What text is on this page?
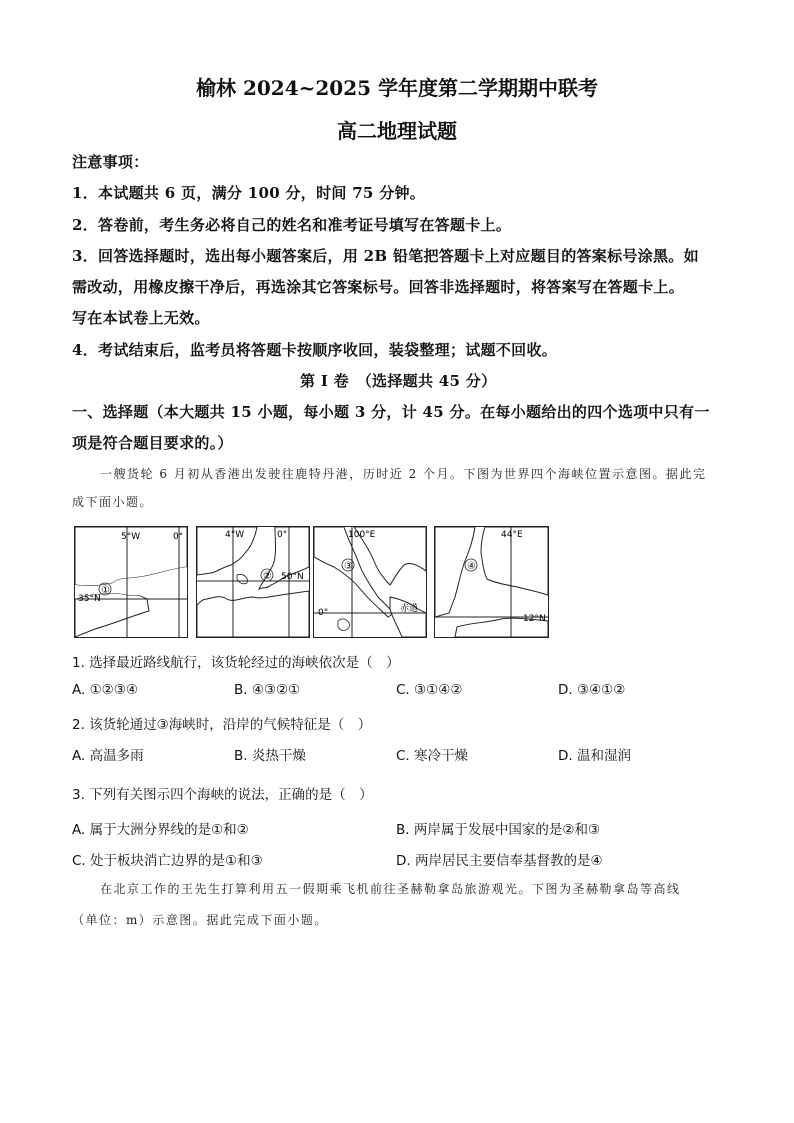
榆林 2024~2025 学年度第二学期期中联考
高二地理试题
注意事项：
1．本试题共 6 页，满分 100 分，时间 75 分钟。
2．答卷前，考生务必将自己的姓名和准考证号填写在答题卡上。
3．回答选择题时，选出每小题答案后，用 2B 铅笔把答题卡上对应题目的答案标号涂黑。如
需改动，用橡皮擦干净后，再选涂其它答案标号。回答非选择题时，将答案写在答题卡上。
写在本试卷上无效。
4．考试结束后，监考员将答题卡按顺序收回，装袋整理；试题不回收。
第 I 卷　（选择题共 45 分）
一、选择题（本大题共 15 小题，每小题 3 分，计 45 分。在每小题给出的四个选项中只有一
项是符合题目要求的。）
一艘货轮 6 月初从香港出发驶往鹿特丹港，历时近 2 个月。下图为世界四个海峡位置示意图。据此完
成下面小题。
5°W	0°
35°N
①
4°W	0°
50°N
②
100°E
0°	赤道
③
44°E
12°N
④
1. 选择最近路线航行，该货轮经过的海峡依次是（　）
A. ①②③④	B. ④③②①	C. ③①④②	D. ③④①②
2. 该货轮通过③海峡时，沿岸的气候特征是（　）
A. 高温多雨	B. 炎热干燥	C. 寒冷干燥	D. 温和湿润
3. 下列有关图示四个海峡的说法，正确的是（　）
A. 属于大洲分界线的是①和②	B. 两岸属于发展中国家的是②和③
C. 处于板块消亡边界的是①和③	D. 两岸居民主要信奉基督教的是④
在北京工作的王先生打算利用五一假期乘飞机前往圣赫勒拿岛旅游观光。下图为圣赫勒拿岛等高线
（单位：m）示意图。据此完成下面小题。
